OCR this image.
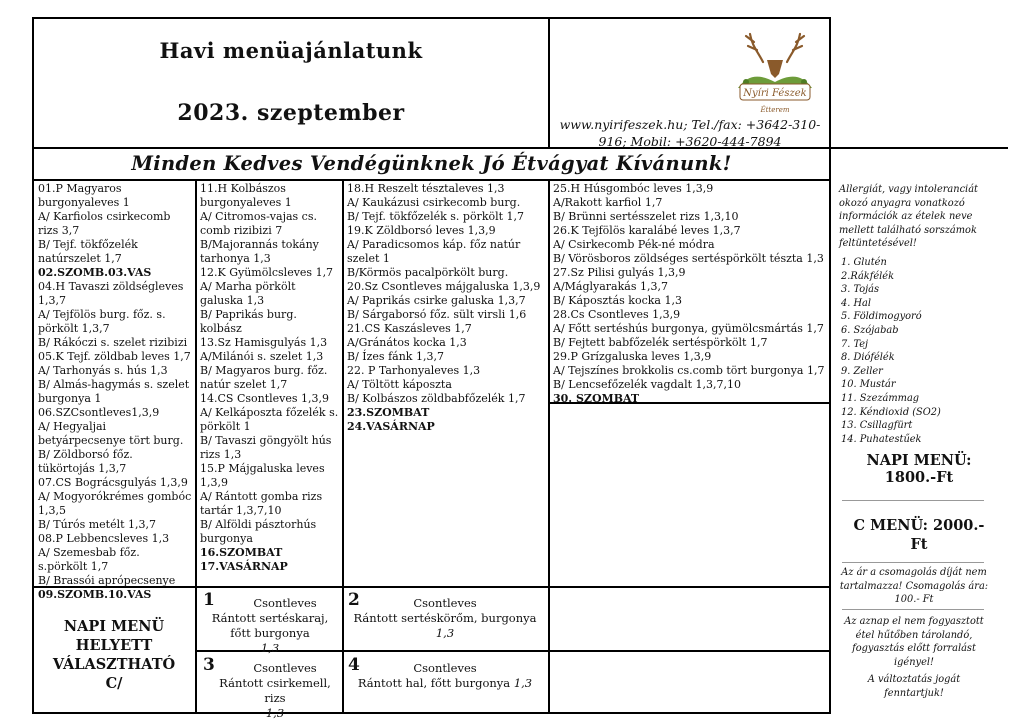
Havi menüajánlatunk
2023. szeptember
Nyíri Fészek
Étterem
www.nyirifeszek.hu; Tel./fax: +3642-310-916; Mobil: +3620-444-7894
Minden Kedves Vendégünknek Jó Étvágyat Kívánunk!
01.P Magyaros burgonyaleves 1
A/ Karfiolos csirkecomb rizs 3,7
B/ Tejf. tökfőzelék natúrszelet 1,7
02.SZOMB.03.VAS
04.H Tavaszi zöldségleves 1,3,7
A/ Tejfölös burg. főz. s. pörkölt 1,3,7
B/ Rákóczi s. szelet rizibizi
05.K Tejf. zöldbab leves 1,7
A/ Tarhonyás s. hús 1,3
B/ Almás-hagymás s. szelet burgonya 1
06.SZCsontleves1,3,9
A/ Hegyaljai betyárpecsenye tört burg.
B/ Zöldborsó főz. tükörtojás 1,3,7
07.CS Bográcsgulyás 1,3,9
A/ Mogyorókrémes gombóc 1,3,5
B/ Túrós metélt 1,3,7
08.P Lebbencsleves 1,3
A/ Szemesbab főz. s.pörkölt 1,7
B/ Brassói aprópecsenye
09.SZOMB.10.VAS
11.H Kolbászos burgonyaleves 1
A/ Citromos-vajas cs. comb rizibizi 7
B/Majorannás tokány tarhonya 1,3
12.K Gyümölcsleves 1,7
A/ Marha pörkölt galuska 1,3
B/ Paprikás burg. kolbász
13.Sz Hamisgulyás 1,3
A/Milánói s. szelet 1,3
B/ Magyaros burg. főz. natúr szelet 1,7
14.CS Csontleves 1,3,9
A/ Kelkáposzta főzelék s. pörkölt 1
B/ Tavaszi göngyölt hús rizs 1,3
15.P Májgaluska leves 1,3,9
A/ Rántott gomba rizs tartár 1,3,7,10
B/ Alföldi pásztorhús burgonya
16.SZOMBAT
17.VASÁRNAP
18.H Reszelt tésztaleves 1,3
A/ Kaukázusi csirkecomb burg.
B/ Tejf. tökfőzelék s. pörkölt 1,7
19.K Zöldborsó leves 1,3,9
A/ Paradicsomos káp. főz natúr szelet 1
B/Körmös pacalpörkölt burg.
20.Sz Csontleves májgaluska 1,3,9
A/ Paprikás csirke galuska 1,3,7
B/ Sárgaborsó főz. sült virsli 1,6
21.CS Kaszásleves 1,7
A/Gránátos kocka 1,3
B/ Ízes fánk 1,3,7
22. P Tarhonyaleves 1,3
A/ Töltött káposzta
B/ Kolbászos zöldbabfőzelék 1,7
23.SZOMBAT
24.VASÁRNAP
25.H Húsgombóc leves 1,3,9
A/Rakott karfiol 1,7
B/ Brünni sertésszelet rizs 1,3,10
26.K Tejfölös karalábé leves 1,3,7
A/ Csirkecomb Pék-né módra
B/ Vörösboros zöldséges sertéspörkölt tészta 1,3
27.Sz Pilisi gulyás 1,3,9
A/Máglyarakás 1,3,7
B/ Káposztás kocka 1,3
28.Cs Csontleves 1,3,9
A/ Főtt sertéshús burgonya, gyümölcsmártás 1,7
B/ Fejtett babfőzelék sertéspörkölt 1,7
29.P Grízgaluska leves 1,3,9
A/ Tejszínes brokkolis cs.comb tört burgonya 1,7
B/ Lencsefőzelék vagdalt 1,3,7,10
30. SZOMBAT
Allergiát, vagy intoleranciát okozó anyagra vonatkozó információk az ételek neve mellett található sorszámok feltüntetésével!
1. Glutén
2.Rákfélék
3. Tojás
4. Hal
5. Földimogyoró
6. Szójabab
7. Tej
8. Diófélék
9. Zeller
10. Mustár
11. Szezámmag
12. Kéndioxid (SO2)
13. Csillagfürt
14. Puhatestűek
NAPI MENÜ:
1800.-Ft
C MENÜ: 2000.-
Ft
Az ár a csomagolás díját nem tartalmazza! Csomagolás ára: 100.- Ft
Az aznap el nem fogyasztott étel hűtőben tárolandó, fogyasztás előtt forralást igényel!
A változtatás jogát fenntartjuk!
NAPI MENÜ
HELYETT
VÁLASZTHATÓ
C/
1	Csontleves
Rántott sertéskaraj, főtt burgonya
1,3
2	Csontleves
Rántott sertéskörőm, burgonya
1,3
3	Csontleves
Rántott csirkemell, rizs
1,3
4	Csontleves
Rántott hal, főtt burgonya 1,3
